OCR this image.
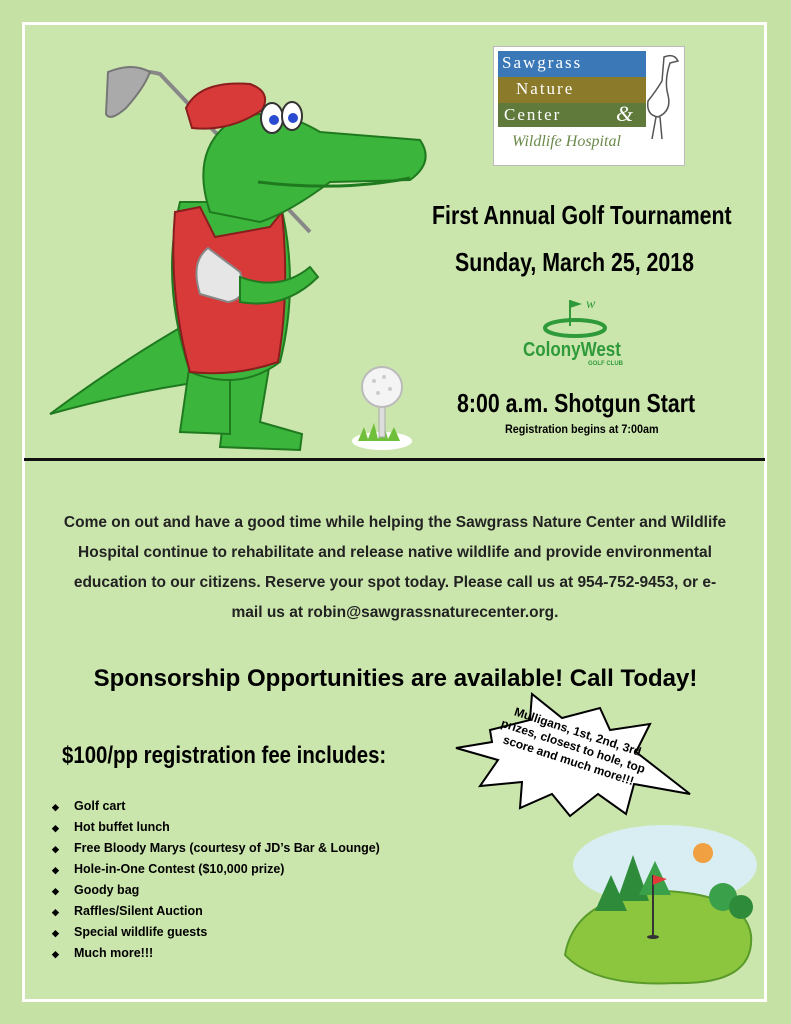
Sawgrass
Nature
Center &
Wildlife Hospital
First Annual Golf Tournament
Sunday, March 25, 2018
w
ColonyWest
GOLF CLUB
8:00 a.m. Shotgun Start
Registration begins at 7:00am
Come on out and have a good time while helping the Sawgrass Nature Center and Wildlife Hospital continue to rehabilitate and release native wildlife and provide environmental education to our citizens. Reserve your spot today. Please call us at 954-752-9453, or e-mail us at robin@sawgrassnaturecenter.org.
Sponsorship Opportunities are available! Call Today!
$100/pp registration fee includes:
◆ Golf cart
◆ Hot buffet lunch
◆ Free Bloody Marys (courtesy of JD’s Bar & Lounge)
◆ Hole-in-One Contest ($10,000 prize)
◆ Goody bag
◆ Raffles/Silent Auction
◆ Special wildlife guests
◆ Much more!!!
Mulligans, 1st, 2nd, 3rd prizes, closest to hole, top score and much more!!!
